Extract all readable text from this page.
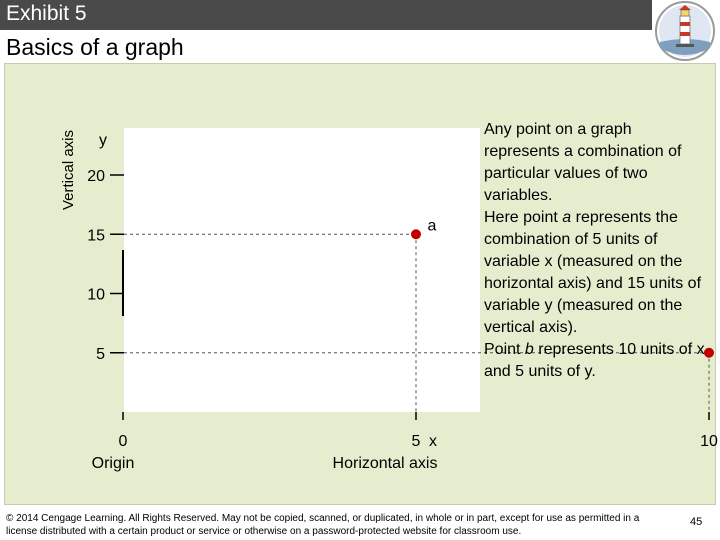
Exhibit 5
Basics of a graph
Vertical axis y
x
Horizontal axis
Origin
0	5	10
5
10
15
20
a

Any point on a graph represents a combination of particular values of two variables.

Here point a represents the combination of 5 units of variable x (measured on the horizontal axis) and 15 units of variable y (measured on the vertical axis).

Point b represents 10 units of x and 5 units of y.

© 2014 Cengage Learning. All Rights Reserved. May not be copied, scanned, or duplicated, in whole or in part, except for use as permitted in a license distributed with a certain product or service or otherwise on a password-protected website for classroom use.
45
